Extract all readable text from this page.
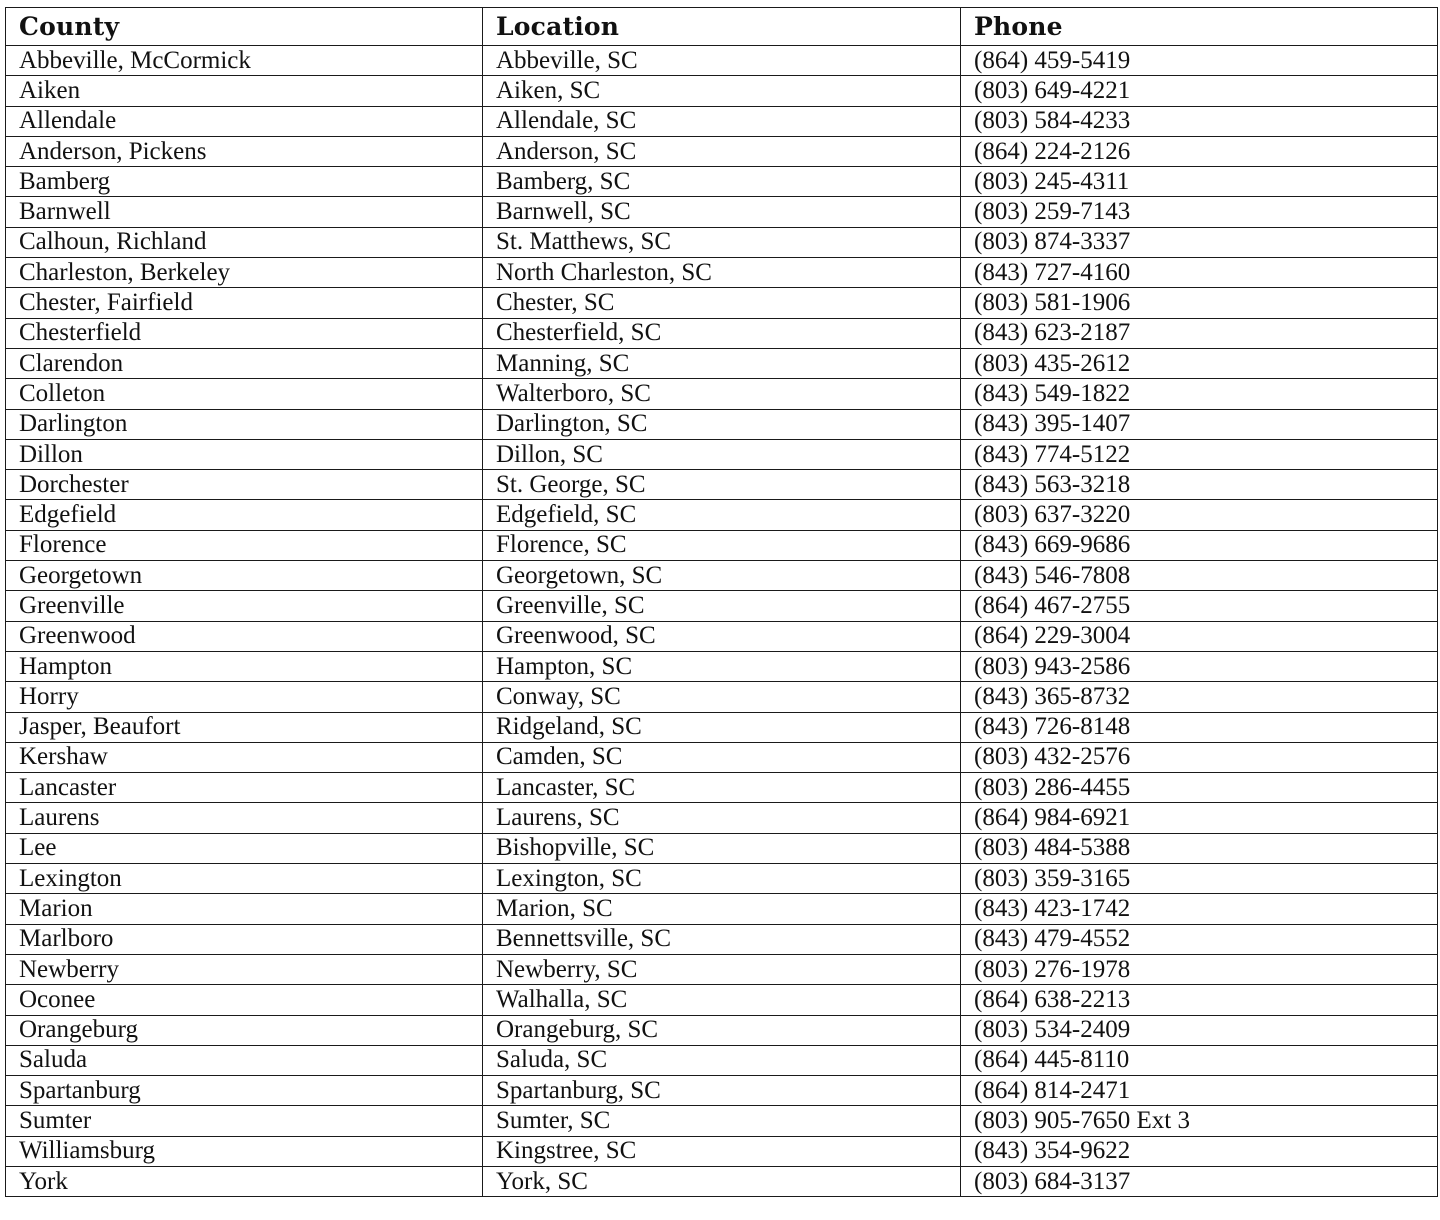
County	Location	Phone
Abbeville, McCormick	Abbeville, SC	(864) 459-5419
Aiken	Aiken, SC	(803) 649-4221
Allendale	Allendale, SC	(803) 584-4233
Anderson, Pickens	Anderson, SC	(864) 224-2126
Bamberg	Bamberg, SC	(803) 245-4311
Barnwell	Barnwell, SC	(803) 259-7143
Calhoun, Richland	St. Matthews, SC	(803) 874-3337
Charleston, Berkeley	North Charleston, SC	(843) 727-4160
Chester, Fairfield	Chester, SC	(803) 581-1906
Chesterfield	Chesterfield, SC	(843) 623-2187
Clarendon	Manning, SC	(803) 435-2612
Colleton	Walterboro, SC	(843) 549-1822
Darlington	Darlington, SC	(843) 395-1407
Dillon	Dillon, SC	(843) 774-5122
Dorchester	St. George, SC	(843) 563-3218
Edgefield	Edgefield, SC	(803) 637-3220
Florence	Florence, SC	(843) 669-9686
Georgetown	Georgetown, SC	(843) 546-7808
Greenville	Greenville, SC	(864) 467-2755
Greenwood	Greenwood, SC	(864) 229-3004
Hampton	Hampton, SC	(803) 943-2586
Horry	Conway, SC	(843) 365-8732
Jasper, Beaufort	Ridgeland, SC	(843) 726-8148
Kershaw	Camden, SC	(803) 432-2576
Lancaster	Lancaster, SC	(803) 286-4455
Laurens	Laurens, SC	(864) 984-6921
Lee	Bishopville, SC	(803) 484-5388
Lexington	Lexington, SC	(803) 359-3165
Marion	Marion, SC	(843) 423-1742
Marlboro	Bennettsville, SC	(843) 479-4552
Newberry	Newberry, SC	(803) 276-1978
Oconee	Walhalla, SC	(864) 638-2213
Orangeburg	Orangeburg, SC	(803) 534-2409
Saluda	Saluda, SC	(864) 445-8110
Spartanburg	Spartanburg, SC	(864) 814-2471
Sumter	Sumter, SC	(803) 905-7650 Ext 3
Williamsburg	Kingstree, SC	(843) 354-9622
York	York, SC	(803) 684-3137
